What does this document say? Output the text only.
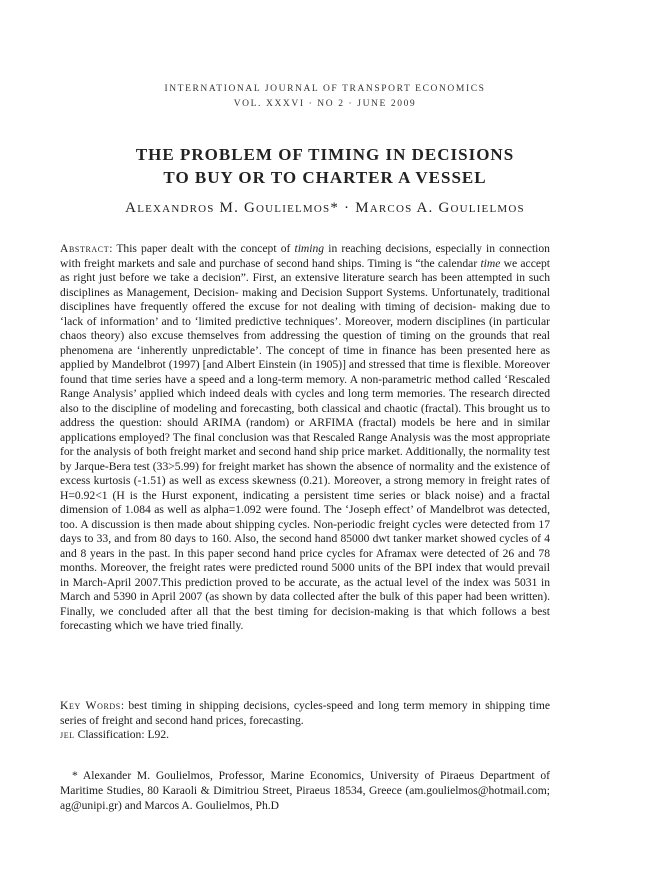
INTERNATIONAL JOURNAL OF TRANSPORT ECONOMICS
VOL. XXXVI · NO 2 · JUNE 2009
THE PROBLEM OF TIMING IN DECISIONS
TO BUY OR TO CHARTER A VESSEL
Alexandros M. Goulielmos* · Marcos A. Goulielmos
Abstract: This paper dealt with the concept of timing in reaching decisions, especially in connection with freight markets and sale and purchase of second hand ships. Timing is “the calendar time we accept as right just before we take a decision”. First, an extensive literature search has been attempted in such disciplines as Management, Decision- making and Decision Support Systems. Unfortunately, traditional disciplines have frequently offered the excuse for not dealing with timing of decision- making due to ‘lack of information’ and to ‘limited predictive techniques’. Moreover, modern disciplines (in particular chaos theory) also excuse themselves from addressing the question of timing on the grounds that real phenomena are ‘inherently unpredictable’. The concept of time in finance has been presented here as applied by Mandelbrot (1997) [and Albert Einstein (in 1905)] and stressed that time is flexible. Moreover found that time series have a speed and a long-term memory. A non-parametric method called ‘Rescaled Range Analysis’ applied which indeed deals with cycles and long term memories. The research directed also to the discipline of modeling and forecasting, both classical and chaotic (fractal). This brought us to address the question: should ARIMA (random) or ARFIMA (fractal) models be here and in similar applications employed? The final conclusion was that Rescaled Range Analysis was the most appropriate for the analysis of both freight market and second hand ship price market. Additionally, the normality test by Jarque-Bera test (33>5.99) for freight market has shown the absence of normality and the existence of excess kurtosis (-1.51) as well as excess skewness (0.21). Moreover, a strong memory in freight rates of H=0.92<1 (H is the Hurst exponent, indicating a persistent time series or black noise) and a fractal dimension of 1.084 as well as alpha=1.092 were found. The ‘Joseph effect’ of Mandelbrot was detected, too. A discussion is then made about shipping cycles. Non-periodic freight cycles were detected from 17 days to 33, and from 80 days to 160. Also, the second hand 85000 dwt tanker market showed cycles of 4 and 8 years in the past. In this paper second hand price cycles for Aframax were detected of 26 and 78 months. Moreover, the freight rates were predicted round 5000 units of the BPI index that would prevail in March-April 2007.This prediction proved to be accurate, as the actual level of the index was 5031 in March and 5390 in April 2007 (as shown by data collected after the bulk of this paper had been written). Finally, we concluded after all that the best timing for decision-making is that which follows a best forecasting which we have tried finally.
Key Words: best timing in shipping decisions, cycles-speed and long term memory in shipping time series of freight and second hand prices, forecasting.
jel Classification: L92.
* Alexander M. Goulielmos, Professor, Marine Economics, University of Piraeus Department of Maritime Studies, 80 Karaoli & Dimitriou Street, Piraeus 18534, Greece (am.goulielmos@hotmail.com; ag@unipi.gr) and Marcos A. Goulielmos, Ph.D
